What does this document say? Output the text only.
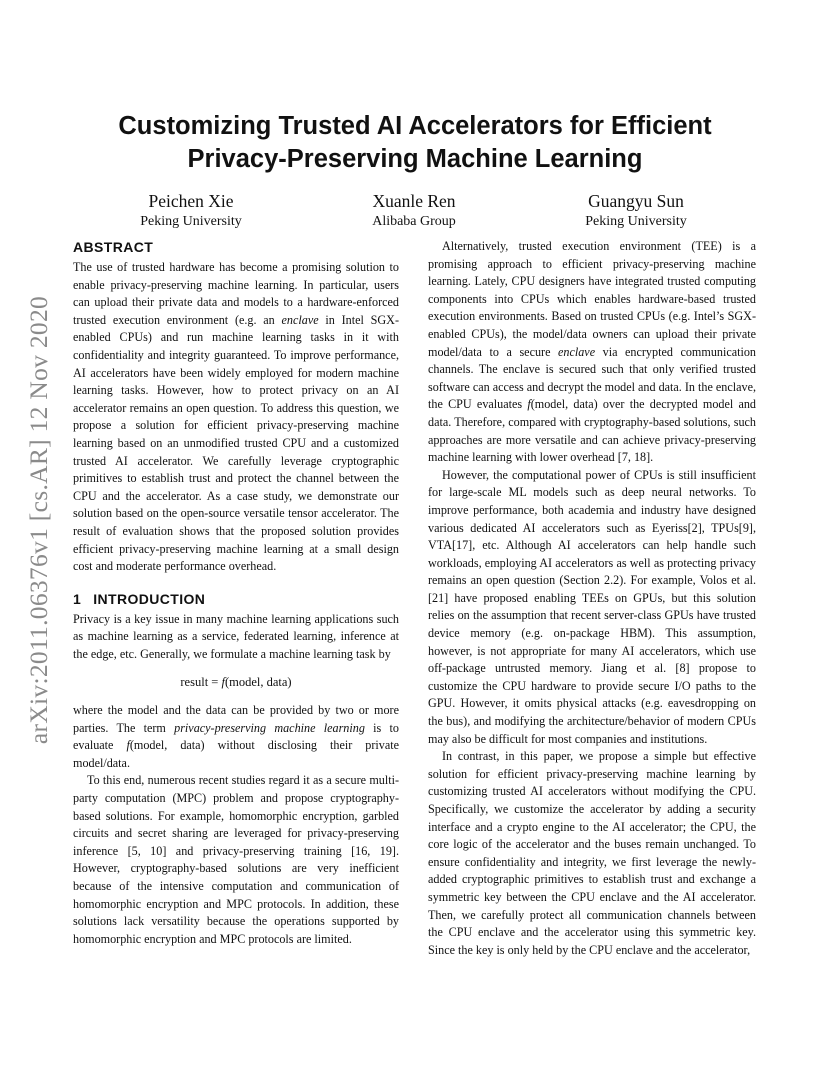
arXiv:2011.06376v1 [cs.AR] 12 Nov 2020
Customizing Trusted AI Accelerators for Efficient
Privacy-Preserving Machine Learning
Peichen Xie
Peking University
Xuanle Ren
Alibaba Group
Guangyu Sun
Peking University
ABSTRACT

The use of trusted hardware has become a promising solution to enable privacy-preserving machine learning. In particular, users can upload their private data and models to a hardware-enforced trusted execution environment (e.g. an enclave in Intel SGX-enabled CPUs) and run machine learning tasks in it with confidentiality and integrity guaranteed. To improve performance, AI accelerators have been widely employed for modern machine learning tasks. However, how to protect privacy on an AI accelerator remains an open question. To address this question, we propose a solution for efficient privacy-preserving machine learning based on an unmodified trusted CPU and a customized trusted AI accelerator. We carefully leverage cryptographic primitives to establish trust and protect the channel between the CPU and the accelerator. As a case study, we demonstrate our solution based on the open-source versatile tensor accelerator. The result of evaluation shows that the proposed solution provides efficient privacy-preserving machine learning at a small design cost and moderate performance overhead.

1 INTRODUCTION

Privacy is a key issue in many machine learning applications such as machine learning as a service, federated learning, inference at the edge, etc. Generally, we formulate a machine learning task by

result = f(model, data)

where the model and the data can be provided by two or more parties. The term privacy-preserving machine learning is to evaluate f(model, data) without disclosing their private model/data.

To this end, numerous recent studies regard it as a secure multi-party computation (MPC) problem and propose cryptography-based solutions. For example, homomorphic encryption, garbled circuits and secret sharing are leveraged for privacy-preserving inference [5, 10] and privacy-preserving training [16, 19]. However, cryptography-based solutions are very inefficient because of the intensive computation and communication of homomorphic encryption and MPC protocols. In addition, these solutions lack versatility because the operations supported by homomorphic encryption and MPC protocols are limited.

Alternatively, trusted execution environment (TEE) is a promising approach to efficient privacy-preserving machine learning. Lately, CPU designers have integrated trusted computing components into CPUs which enables hardware-based trusted execution environments. Based on trusted CPUs (e.g. Intel’s SGX-enabled CPUs), the model/data owners can upload their private model/data to a secure enclave via encrypted communication channels. The enclave is secured such that only verified trusted software can access and decrypt the model and data. In the enclave, the CPU evaluates f(model, data) over the decrypted model and data. Therefore, compared with cryptography-based solutions, such approaches are more versatile and can achieve privacy-preserving machine learning with lower overhead [7, 18].

However, the computational power of CPUs is still insufficient for large-scale ML models such as deep neural networks. To improve performance, both academia and industry have designed various dedicated AI accelerators such as Eyeriss[2], TPUs[9], VTA[17], etc. Although AI accelerators can help handle such workloads, employing AI accelerators as well as protecting privacy remains an open question (Section 2.2). For example, Volos et al. [21] have proposed enabling TEEs on GPUs, but this solution relies on the assumption that recent server-class GPUs have trusted device memory (e.g. on-package HBM). This assumption, however, is not appropriate for many AI accelerators, which use off-package untrusted memory. Jiang et al. [8] propose to customize the CPU hardware to provide secure I/O paths to the GPU. However, it omits physical attacks (e.g. eavesdropping on the bus), and modifying the architecture/behavior of modern CPUs may also be difficult for most companies and institutions.

In contrast, in this paper, we propose a simple but effective solution for efficient privacy-preserving machine learning by customizing trusted AI accelerators without modifying the CPU. Specifically, we customize the accelerator by adding a security interface and a crypto engine to the AI accelerator; the CPU, the core logic of the accelerator and the buses remain unchanged. To ensure confidentiality and integrity, we first leverage the newly-added cryptographic primitives to establish trust and exchange a symmetric key between the CPU enclave and the AI accelerator. Then, we carefully protect all communication channels between the CPU enclave and the accelerator using this symmetric key. Since the key is only held by the CPU enclave and the accelerator,
